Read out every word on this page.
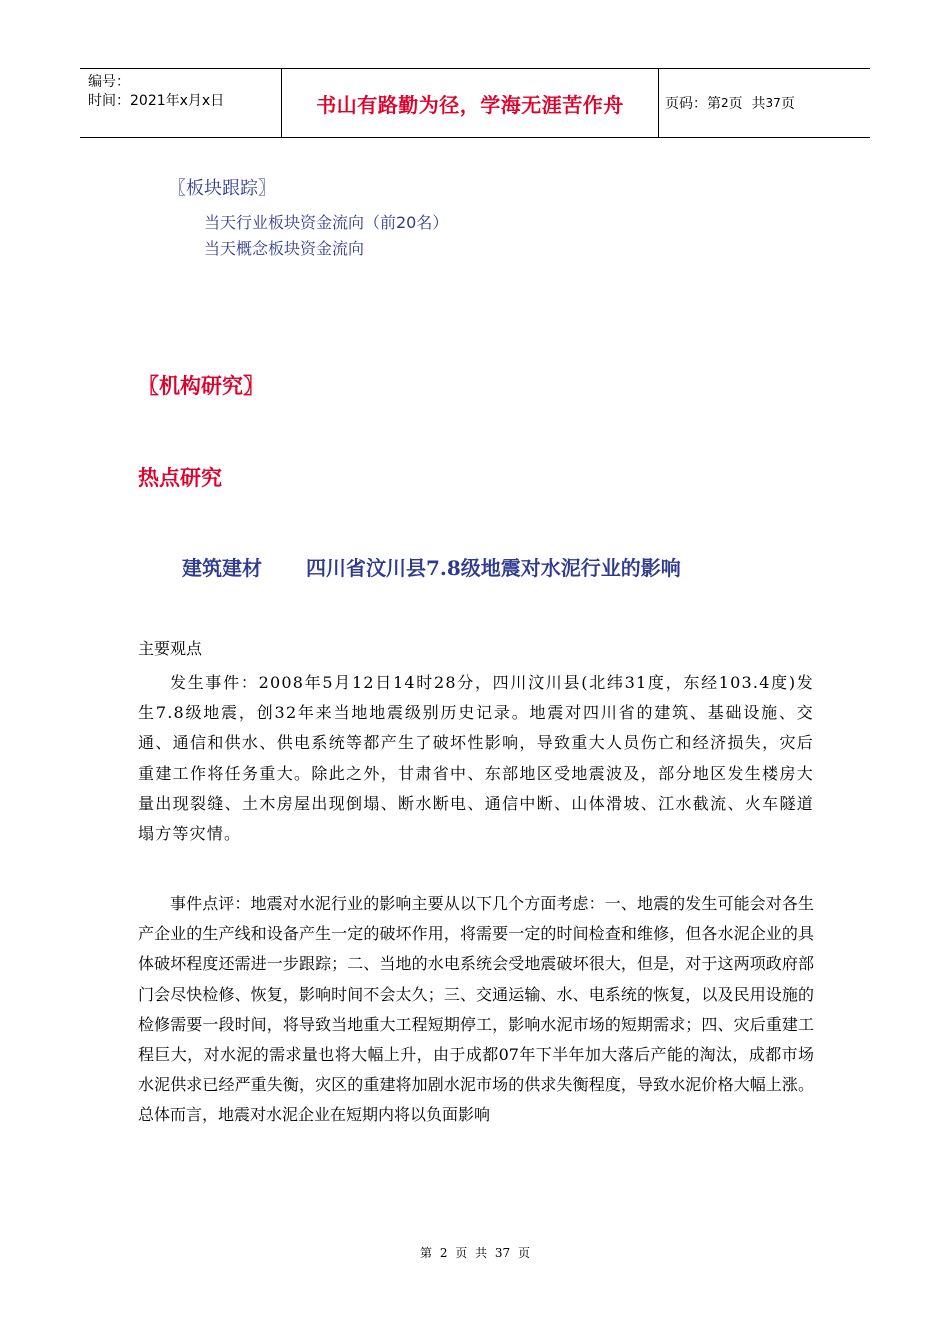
编号：
时间：2021年x月x日	书山有路勤为径，学海无涯苦作舟	页码：第 2 页  共 37 页
〖板块跟踪〗
当天行业板块资金流向（前20名）
当天概念板块资金流向
〖机构研究〗
热点研究
建筑建材 四川省汶川县7.8级地震对水泥行业的影响
主要观点

发生事件：2008年5月12日14时28分，四川汶川县(北纬31度，东经103.4度)发生7.8级地震，创32年来当地地震级别历史记录。地震对四川省的建筑、基础设施、交通、通信和供水、供电系统等都产生了破坏性影响，导致重大人员伤亡和经济损失，灾后重建工作将任务重大。除此之外，甘肃省中、东部地区受地震波及，部分地区发生楼房大量出现裂缝、土木房屋出现倒塌、断水断电、通信中断、山体滑坡、江水截流、火车隧道塌方等灾情。

事件点评：地震对水泥行业的影响主要从以下几个方面考虑：一、地震的发生可能会对各生产企业的生产线和设备产生一定的破坏作用，将需要一定的时间检查和维修，但各水泥企业的具体破坏程度还需进一步跟踪；二、当地的水电系统会受地震破坏很大，但是，对于这两项政府部门会尽快检修、恢复，影响时间不会太久；三、交通运输、水、电系统的恢复，以及民用设施的检修需要一段时间，将导致当地重大工程短期停工，影响水泥市场的短期需求；四、灾后重建工程巨大，对水泥的需求量也将大幅上升，由于成都07年下半年加大落后产能的淘汰，成都市场水泥供求已经严重失衡，灾区的重建将加剧水泥市场的供求失衡程度，导致水泥价格大幅上涨。总体而言，地震对水泥企业在短期内将以负面影响

第 2 页 共 37 页
